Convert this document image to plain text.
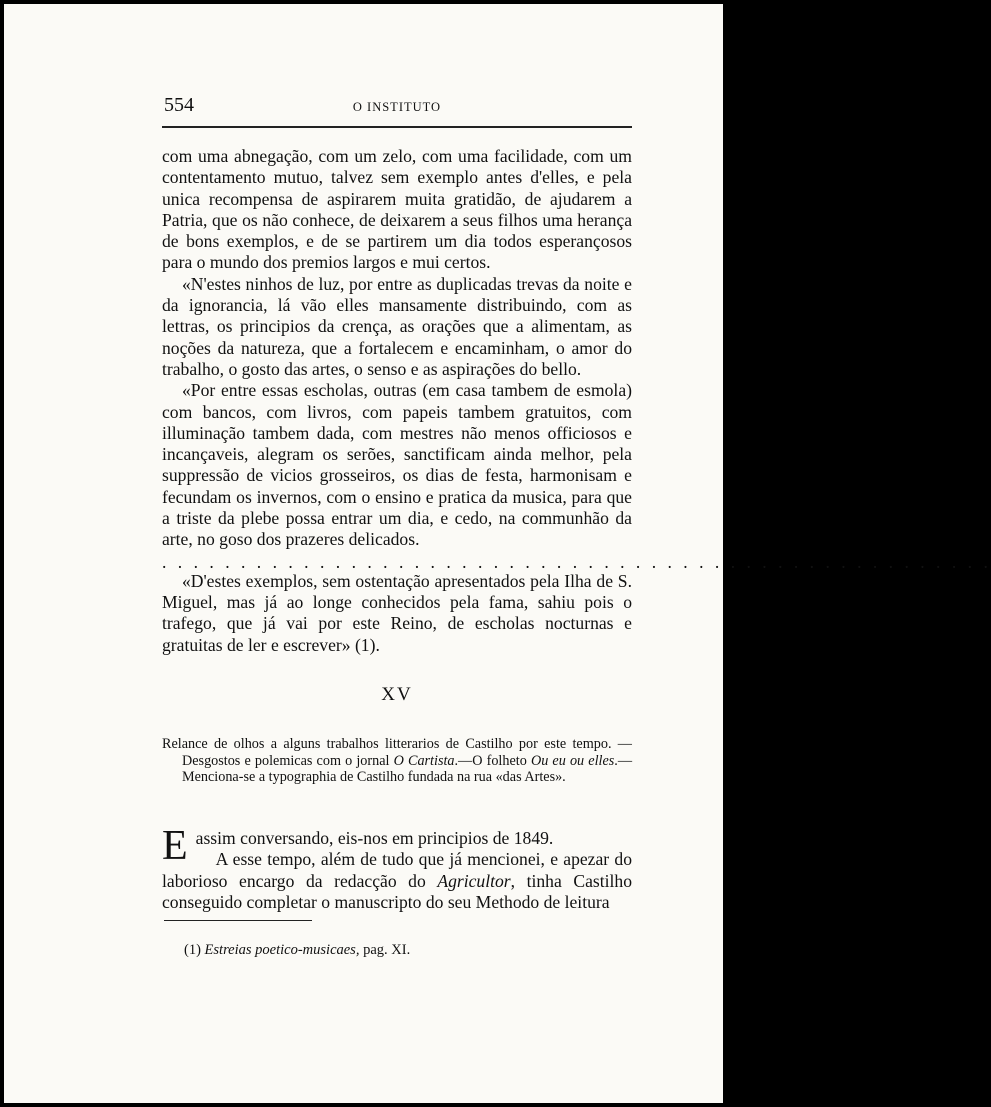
554	O INSTITUTO

com uma abnegação, com um zelo, com uma facilidade, com um contentamento mutuo, talvez sem exemplo antes d'elles, e pela unica recompensa de aspirarem muita gratidão, de ajudarem a Patria, que os não conhece, de deixarem a seus filhos uma herança de bons exemplos, e de se partirem um dia todos esperançosos para o mundo dos premios largos e mui certos.

«N'estes ninhos de luz, por entre as duplicadas trevas da noite e da ignorancia, lá vão elles mansamente distribuindo, com as lettras, os principios da crença, as orações que a alimentam, as noções da natureza, que a fortalecem e encaminham, o amor do trabalho, o gosto das artes, o senso e as aspirações do bello.

«Por entre essas escholas, outras (em casa tambem de esmola) com bancos, com livros, com papeis tambem gratuitos, com illuminação tambem dada, com mestres não menos officiosos e incançaveis, alegram os serões, sanctificam ainda melhor, pela suppressão de vicios grosseiros, os dias de festa, harmonisam e fecundam os invernos, com o ensino e pratica da musica, para que a triste da plebe possa entrar um dia, e cedo, na communhão da arte, no goso dos prazeres delicados.

. . . . . . . . . . . . . . . . . . . . . . . . . . . . . . . . . . . . . . . . . . . . . . . . . . . . .

«D'estes exemplos, sem ostentação apresentados pela Ilha de S. Miguel, mas já ao longe conhecidos pela fama, sahiu pois o trafego, que já vai por este Reino, de escholas nocturnas e gratuitas de ler e escrever» (1).

XV
Relance de olhos a alguns trabalhos litterarios de Castilho por este tempo. —Desgostos e polemicas com o jornal O Cartista.—O folheto Ou eu ou elles.—Menciona-se a typographia de Castilho fundada na rua «das Artes».

E assim conversando, eis-nos em principios de 1849.

A esse tempo, além de tudo que já mencionei, e apezar do laborioso encargo da redacção do Agricultor, tinha Castilho conseguido completar o manuscripto do seu Methodo de leitura

(1) Estreias poetico-musicaes, pag. XI.
